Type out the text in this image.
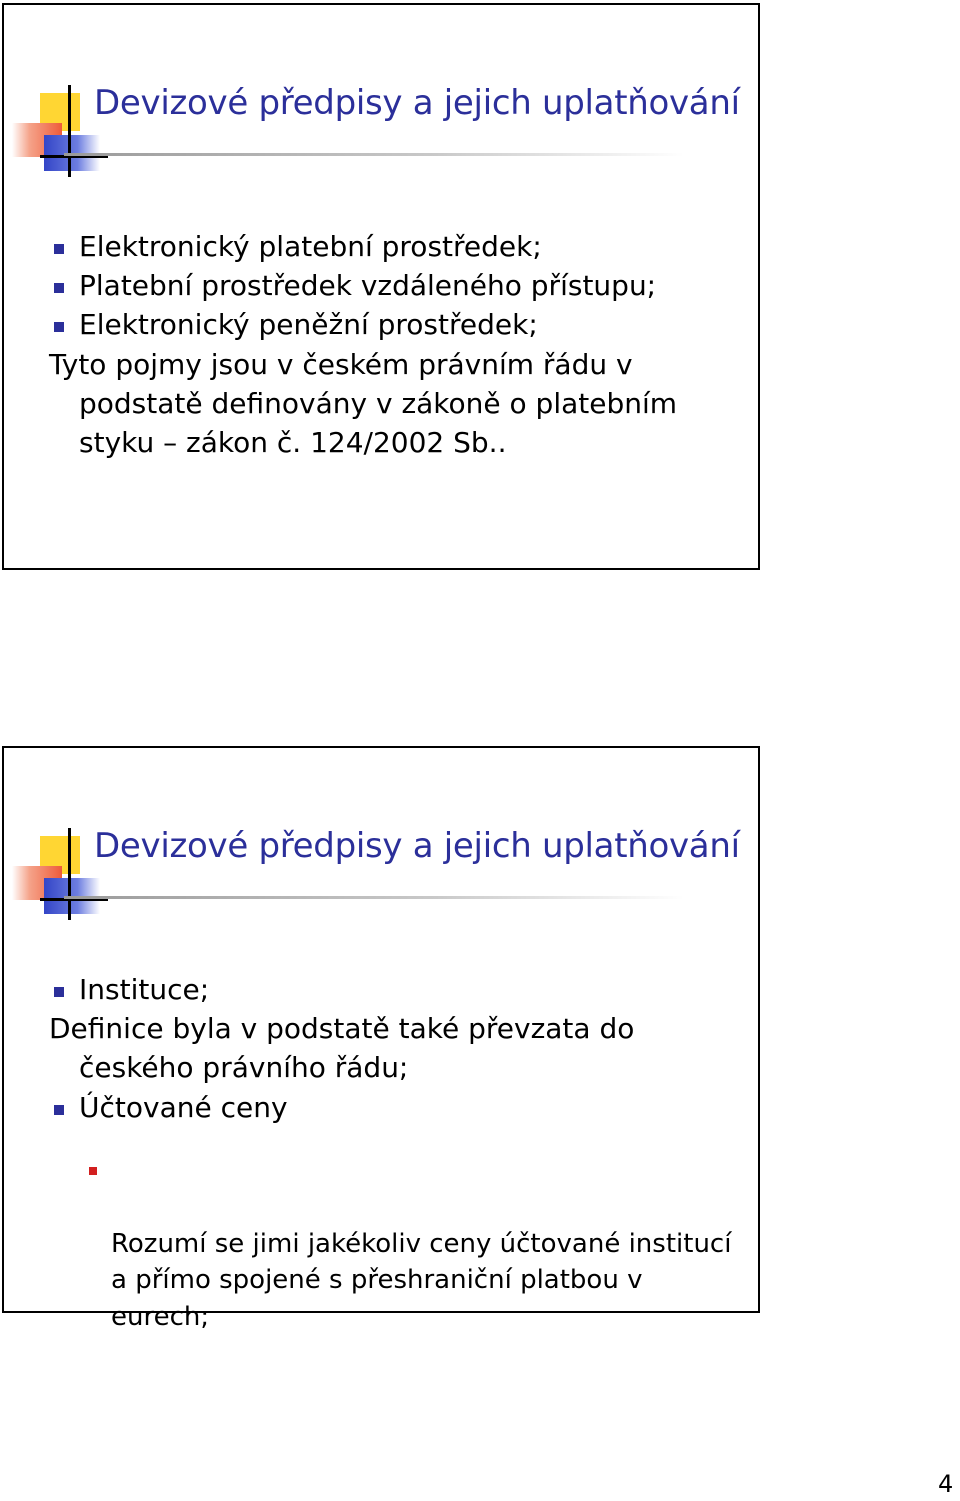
Devizové předpisy a jejich uplatňování
Elektronický platební prostředek;
Platební prostředek vzdáleného přístupu;
Elektronický peněžní prostředek;
Tyto pojmy jsou v českém právním řádu v
podstatě definovány v zákoně o platebním
styku – zákon č. 124/2002 Sb..
Devizové předpisy a jejich uplatňování
Instituce;
Definice byla v podstatě také převzata do
českého právního řádu;
Účtované ceny

Rozumí se jimi jakékoliv ceny účtované institucí
a přímo spojené s přeshraniční platbou v
eurech;

4
